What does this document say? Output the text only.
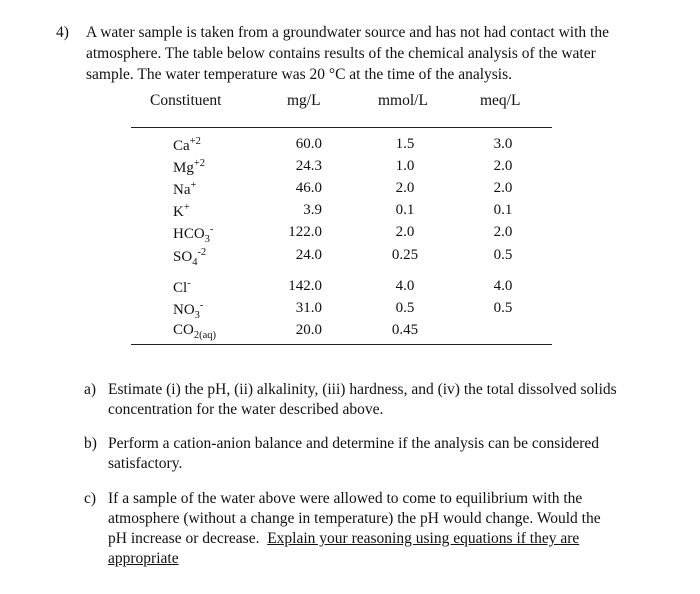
4) A water sample is taken from a groundwater source and has not had contact with the
atmosphere. The table below contains results of the chemical analysis of the water
sample. The water temperature was 20 °C at the time of the analysis.
Constituent	mg/L	mmol/L	meq/L
$Ca^{+2}$	60.0	1.5	3.0
$Mg^{+2}$	24.3	1.0	2.0
Na+	46.0	2.0	2.0
K+	3.9	0.1	0.1
$HCO_3^-$	122.0	2.0	2.0
$SO_4^{-2}$	24.0	0.25	0.5
Cl-	142.0	4.0	4.0
$NO_3^-$	31.0	0.5	0.5
$CO_{2(aq)}$	20.0	0.45
a) Estimate (i) the pH, (ii) alkalinity, (iii) hardness, and (iv) the total dissolved solids
concentration for the water described above.
b) Perform a cation-anion balance and determine if the analysis can be considered
satisfactory.
c) If a sample of the water above were allowed to come to equilibrium with the
atmosphere (without a change in temperature) the pH would change. Would the
pH increase or decrease.  Explain your reasoning using equations if they are
appropriate
